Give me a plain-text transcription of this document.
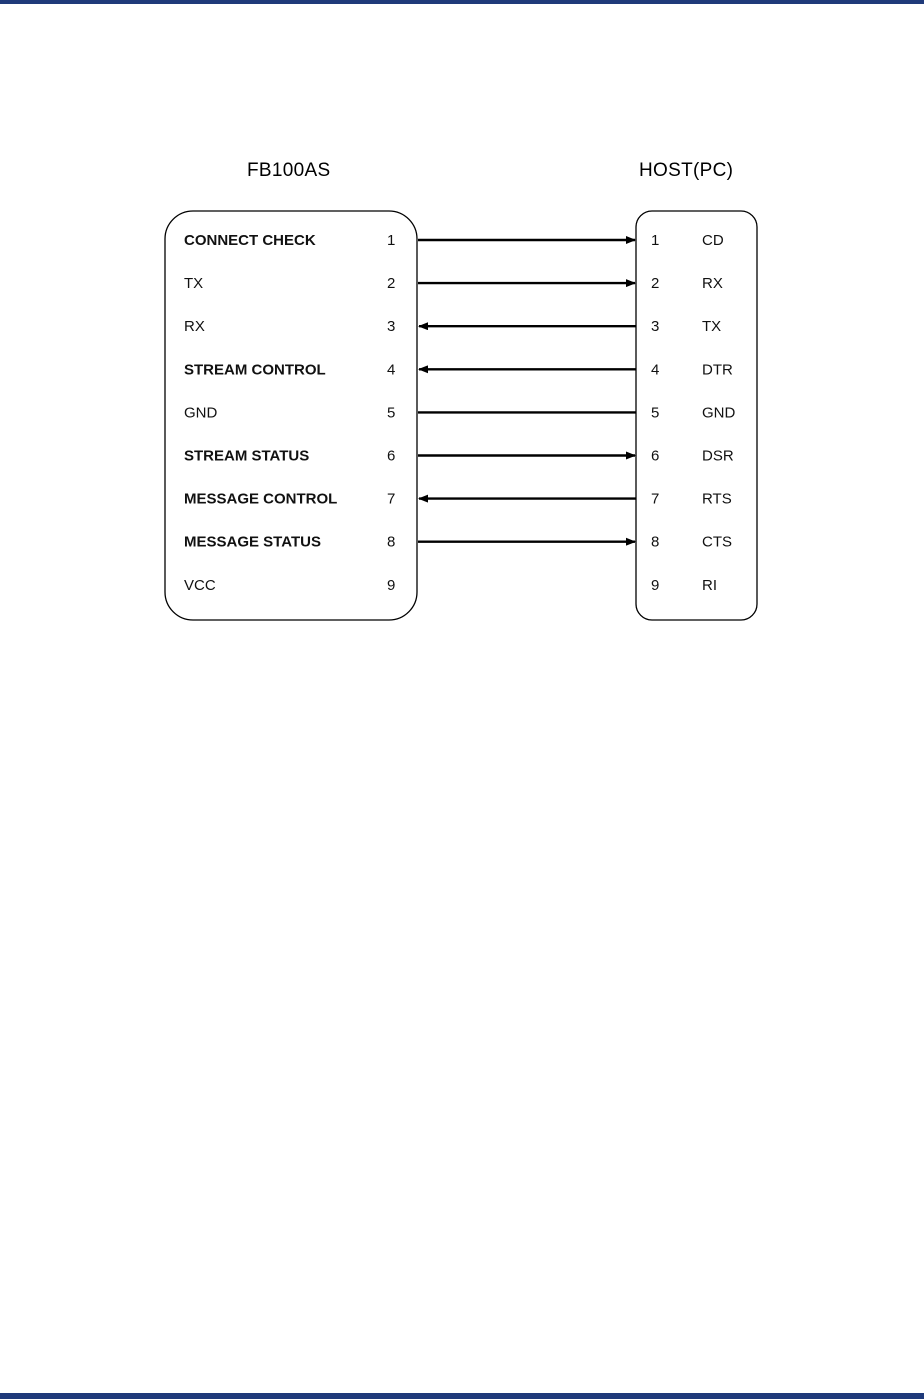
FB100AS	HOST(PC)
CONNECT CHECK	1
TX	2
RX	3
STREAM CONTROL	4
GND	5
STREAM STATUS	6
MESSAGE CONTROL	7
MESSAGE STATUS	8
VCC	9
1	CD
2	RX
3	TX
4	DTR
5	GND
6	DSR
7	RTS
8	CTS
9	RI
